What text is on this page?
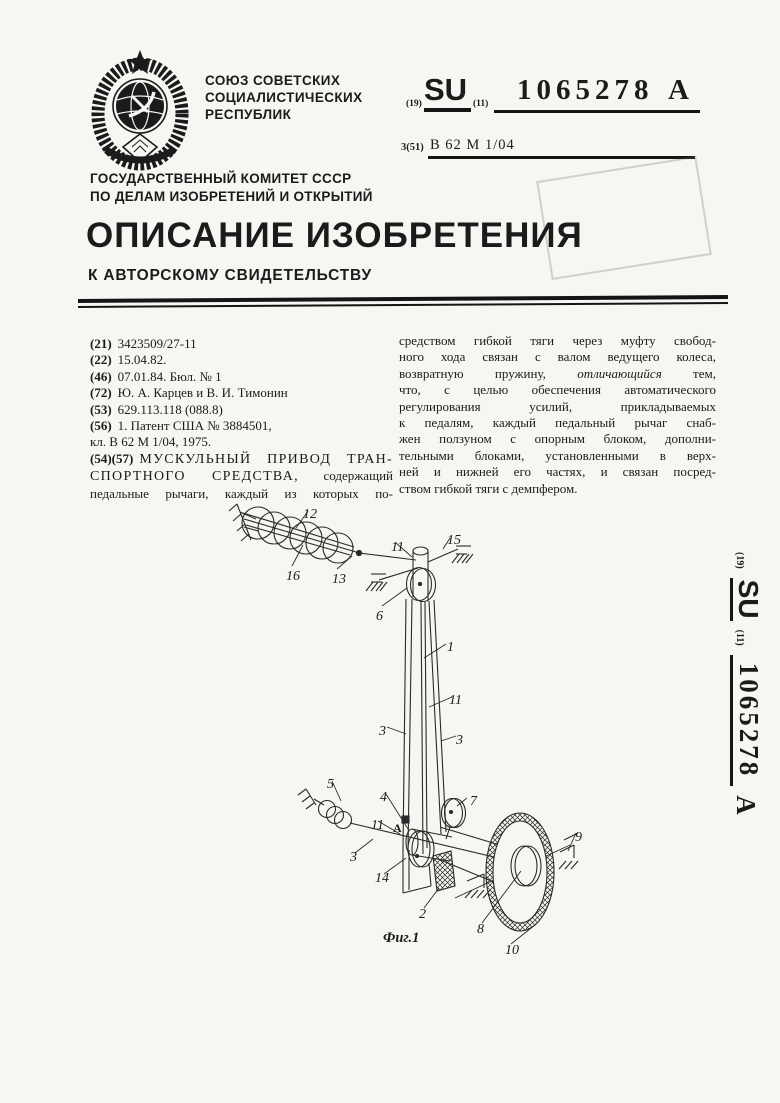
СОЮЗ СОВЕТСКИХ
СОЦИАЛИСТИЧЕСКИХ
РЕСПУБЛИК
(19) SU (11) 1065278 A
3(51) B 62 M 1/04
ГОСУДАРСТВЕННЫЙ КОМИТЕТ СССР
ПО ДЕЛАМ ИЗОБРЕТЕНИЙ И ОТКРЫТИЙ
ОПИСАНИЕ ИЗОБРЕТЕНИЯ
К АВТОРСКОМУ СВИДЕТЕЛЬСТВУ
(21) 3423509/27-11
(22) 15.04.82.
(46) 07.01.84. Бюл. № 1
(72) Ю. А. Карцев и В. И. Тимонин
(53) 629.113.118 (088.8)
(56) 1. Патент США № 3884501,
кл. В 62 М 1/04, 1975.
(54)(57) МУСКУЛЬНЫЙ ПРИВОД ТРАН-
СПОРТНОГО СРЕДСТВА, содержащий
педальные рычаги, каждый из которых по-
средством гибкой тяги через муфту свобод-
ного хода связан с валом ведущего колеса,
возвратную пружину, отличающийся тем,
что, с целью обеспечения автоматического
регулирования усилий, прикладываемых
к педалям, каждый педальный рычаг снаб-
жен ползуном с опорным блоком, дополни-
тельными блоками, установленными в верх-
ней и нижней его частях, и связан посред-
ством гибкой тяги с демпфером.
12
16 13
11	15
6
1
11
3
3
5
4
11 A
7
3
14
2
8
9
10
Фиг.1
(19)
SU
(11)
1065278
A
